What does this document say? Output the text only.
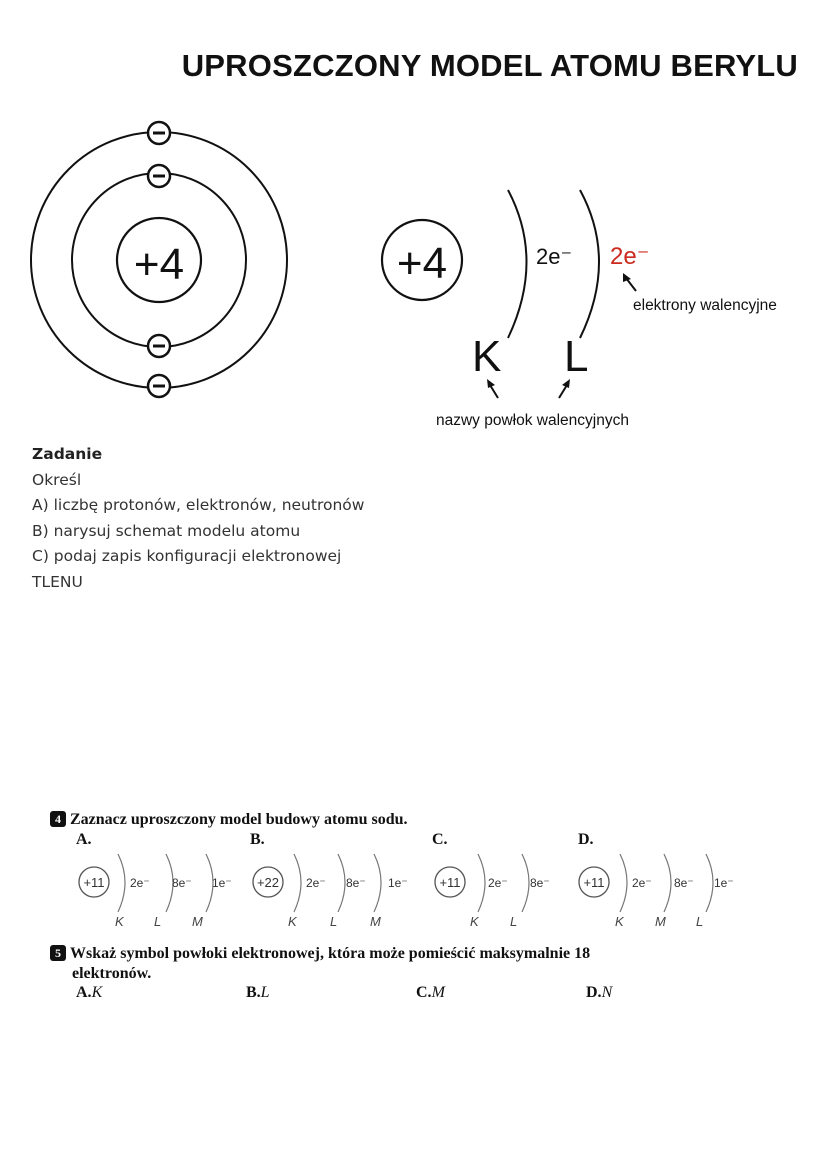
UPROSZCZONY MODEL ATOMU BERYLU
+4	+4	2e⁻ 2e⁻
elektrony walencyjne
K L
nazwy powłok walencyjnych
Zadanie
Określ
A) liczbę protonów, elektronów, neutronów
B) narysuj schemat modelu atomu
C) podaj zapis konfiguracji elektronowej
TLENU
4 Zaznacz uproszczony model budowy atomu sodu.
A.	B.	C.	D.
+11 2e⁻ 8e⁻ 1e⁻
K L M
+22 2e⁻ 8e⁻ 1e⁻
K	L	M
+11 2e⁻ 8e⁻
K L
+11 2e⁻ 8e⁻ 1e⁻
K M L
5 Wskaż symbol powłoki elektronowej, która może pomieścić maksymalnie 18
elektronów.
A.K	B.L	C.M	D.N
